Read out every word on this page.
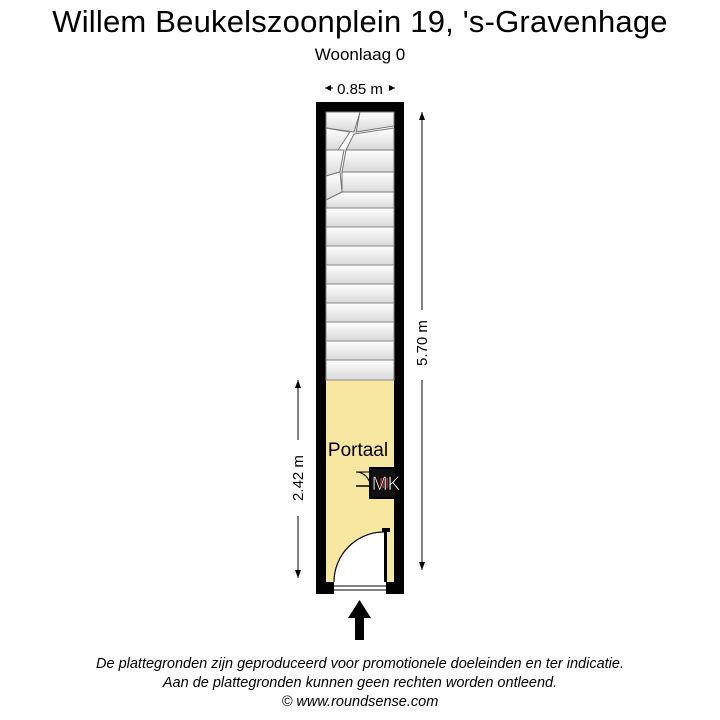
Willem Beukelszoonplein 19, 's-Gravenhage
Woonlaag 0
Portaal
MK
0.85 m
5.70 m
2.42 m
De plattegronden zijn geproduceerd voor promotionele doeleinden en ter indicatie.
Aan de plattegronden kunnen geen rechten worden ontleend.
© www.roundsense.com
